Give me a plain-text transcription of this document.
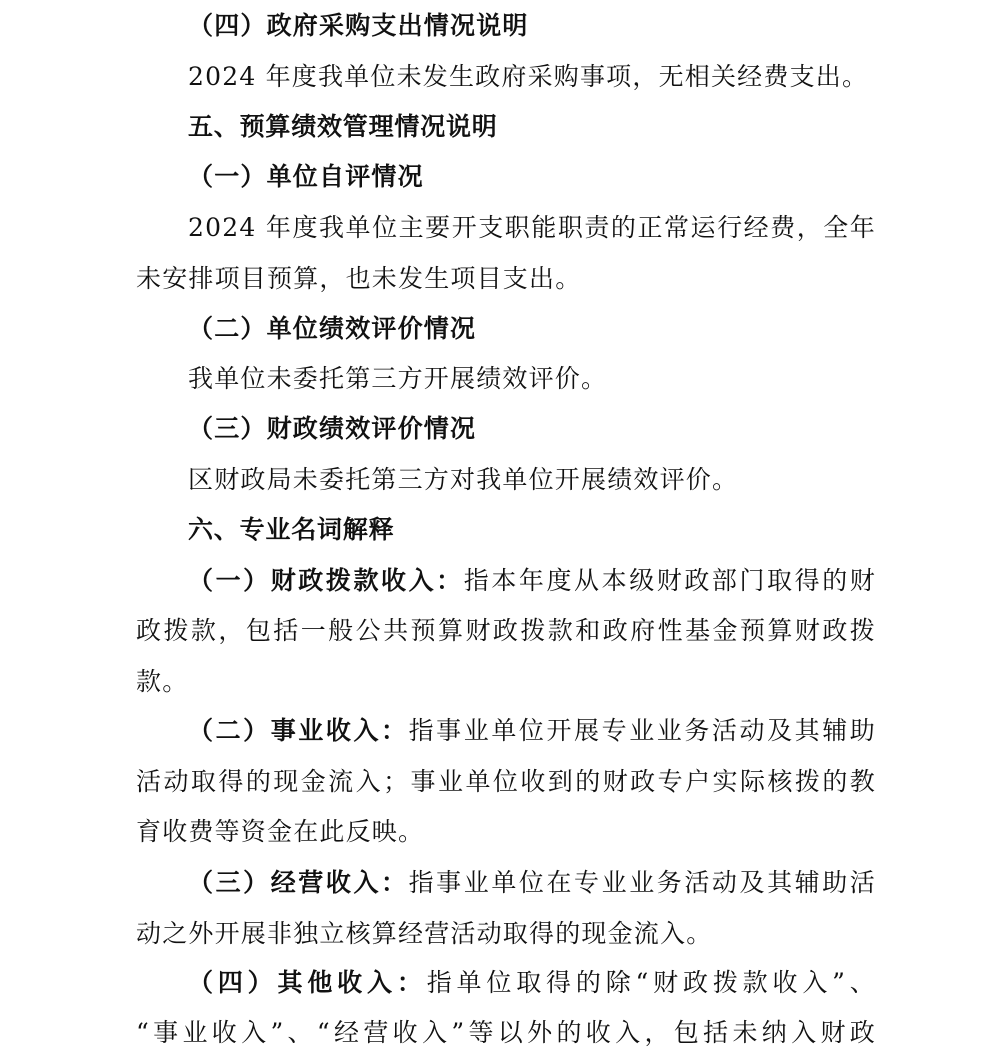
（四）政府采购支出情况说明
2024 年度我单位未发生政府采购事项，无相关经费支出。
五、预算绩效管理情况说明
（一）单位自评情况
2024 年度我单位主要开支职能职责的正常运行经费，全年
未安排项目预算，也未发生项目支出。
（二）单位绩效评价情况
我单位未委托第三方开展绩效评价。
（三）财政绩效评价情况
区财政局未委托第三方对我单位开展绩效评价。
六、专业名词解释
（一）财政拨款收入：指本年度从本级财政部门取得的财
政拨款，包括一般公共预算财政拨款和政府性基金预算财政拨
款。
（二）事业收入：指事业单位开展专业业务活动及其辅助
活动取得的现金流入；事业单位收到的财政专户实际核拨的教
育收费等资金在此反映。
（三）经营收入：指事业单位在专业业务活动及其辅助活
动之外开展非独立核算经营活动取得的现金流入。
（四）其他收入：指单位取得的除“财政拨款收入”、
“事业收入”、“经营收入”等以外的收入，包括未纳入财政
